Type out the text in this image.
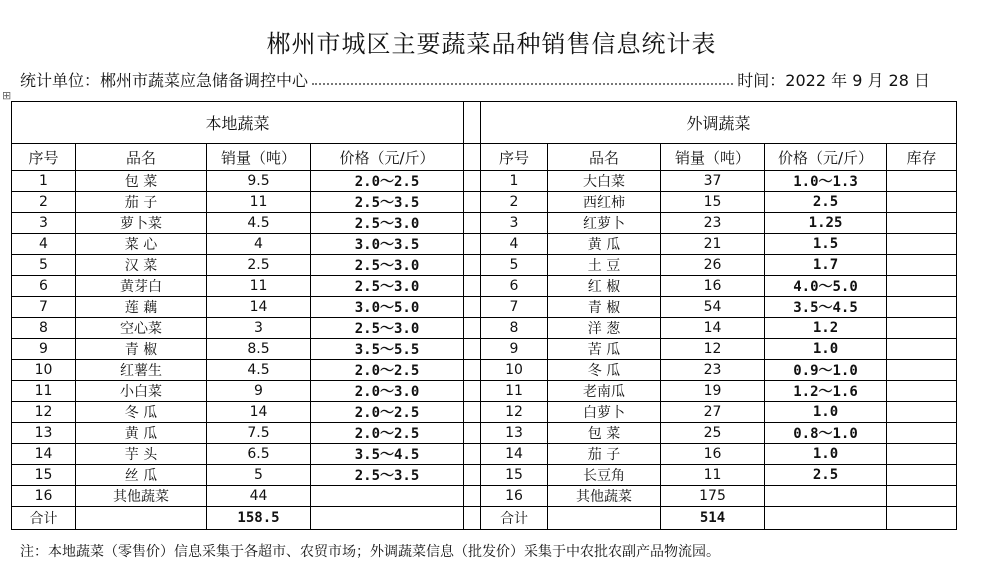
郴州市城区主要蔬菜品种销售信息统计表
统计单位：郴州市蔬菜应急储备调控中心	时间：2022 年 9 月 28 日
⊞
本地蔬菜					外调蔬菜				
序号	品名	销量（吨）	价格（元/斤）		序号	品名	销量（吨）	价格（元/斤）	库存
1	包 菜	9.5	2.0～2.5		1	大白菜	37	1.0～1.3	
2	茄 子	11	2.5～3.5		2	西红柿	15	2.5	
3	萝卜菜	4.5	2.5～3.0		3	红萝卜	23	1.25	
4	菜 心	4	3.0～3.5		4	黄 瓜	21	1.5	
5	汉 菜	2.5	2.5～3.0		5	土 豆	26	1.7	
6	黄芽白	11	2.5～3.0		6	红 椒	16	4.0～5.0	
7	莲 藕	14	3.0～5.0		7	青 椒	54	3.5～4.5	
8	空心菜	3	2.5～3.0		8	洋 葱	14	1.2	
9	青 椒	8.5	3.5～5.5		9	苦 瓜	12	1.0	
10	红薯生	4.5	2.0～2.5		10	冬 瓜	23	0.9～1.0	
11	小白菜	9	2.0～3.0		11	老南瓜	19	1.2～1.6	
12	冬 瓜	14	2.0～2.5		12	白萝卜	27	1.0	
13	黄 瓜	7.5	2.0～2.5		13	包 菜	25	0.8～1.0	
14	芋 头	6.5	3.5～4.5		14	茄 子	16	1.0	
15	丝 瓜	5	2.5～3.5		15	长豆角	11	2.5	
16	其他蔬菜	44			16	其他蔬菜	175		
合计		158.5			合计		514		
注：本地蔬菜（零售价）信息采集于各超市、农贸市场；外调蔬菜信息（批发价）采集于中农批农副产品物流园。
